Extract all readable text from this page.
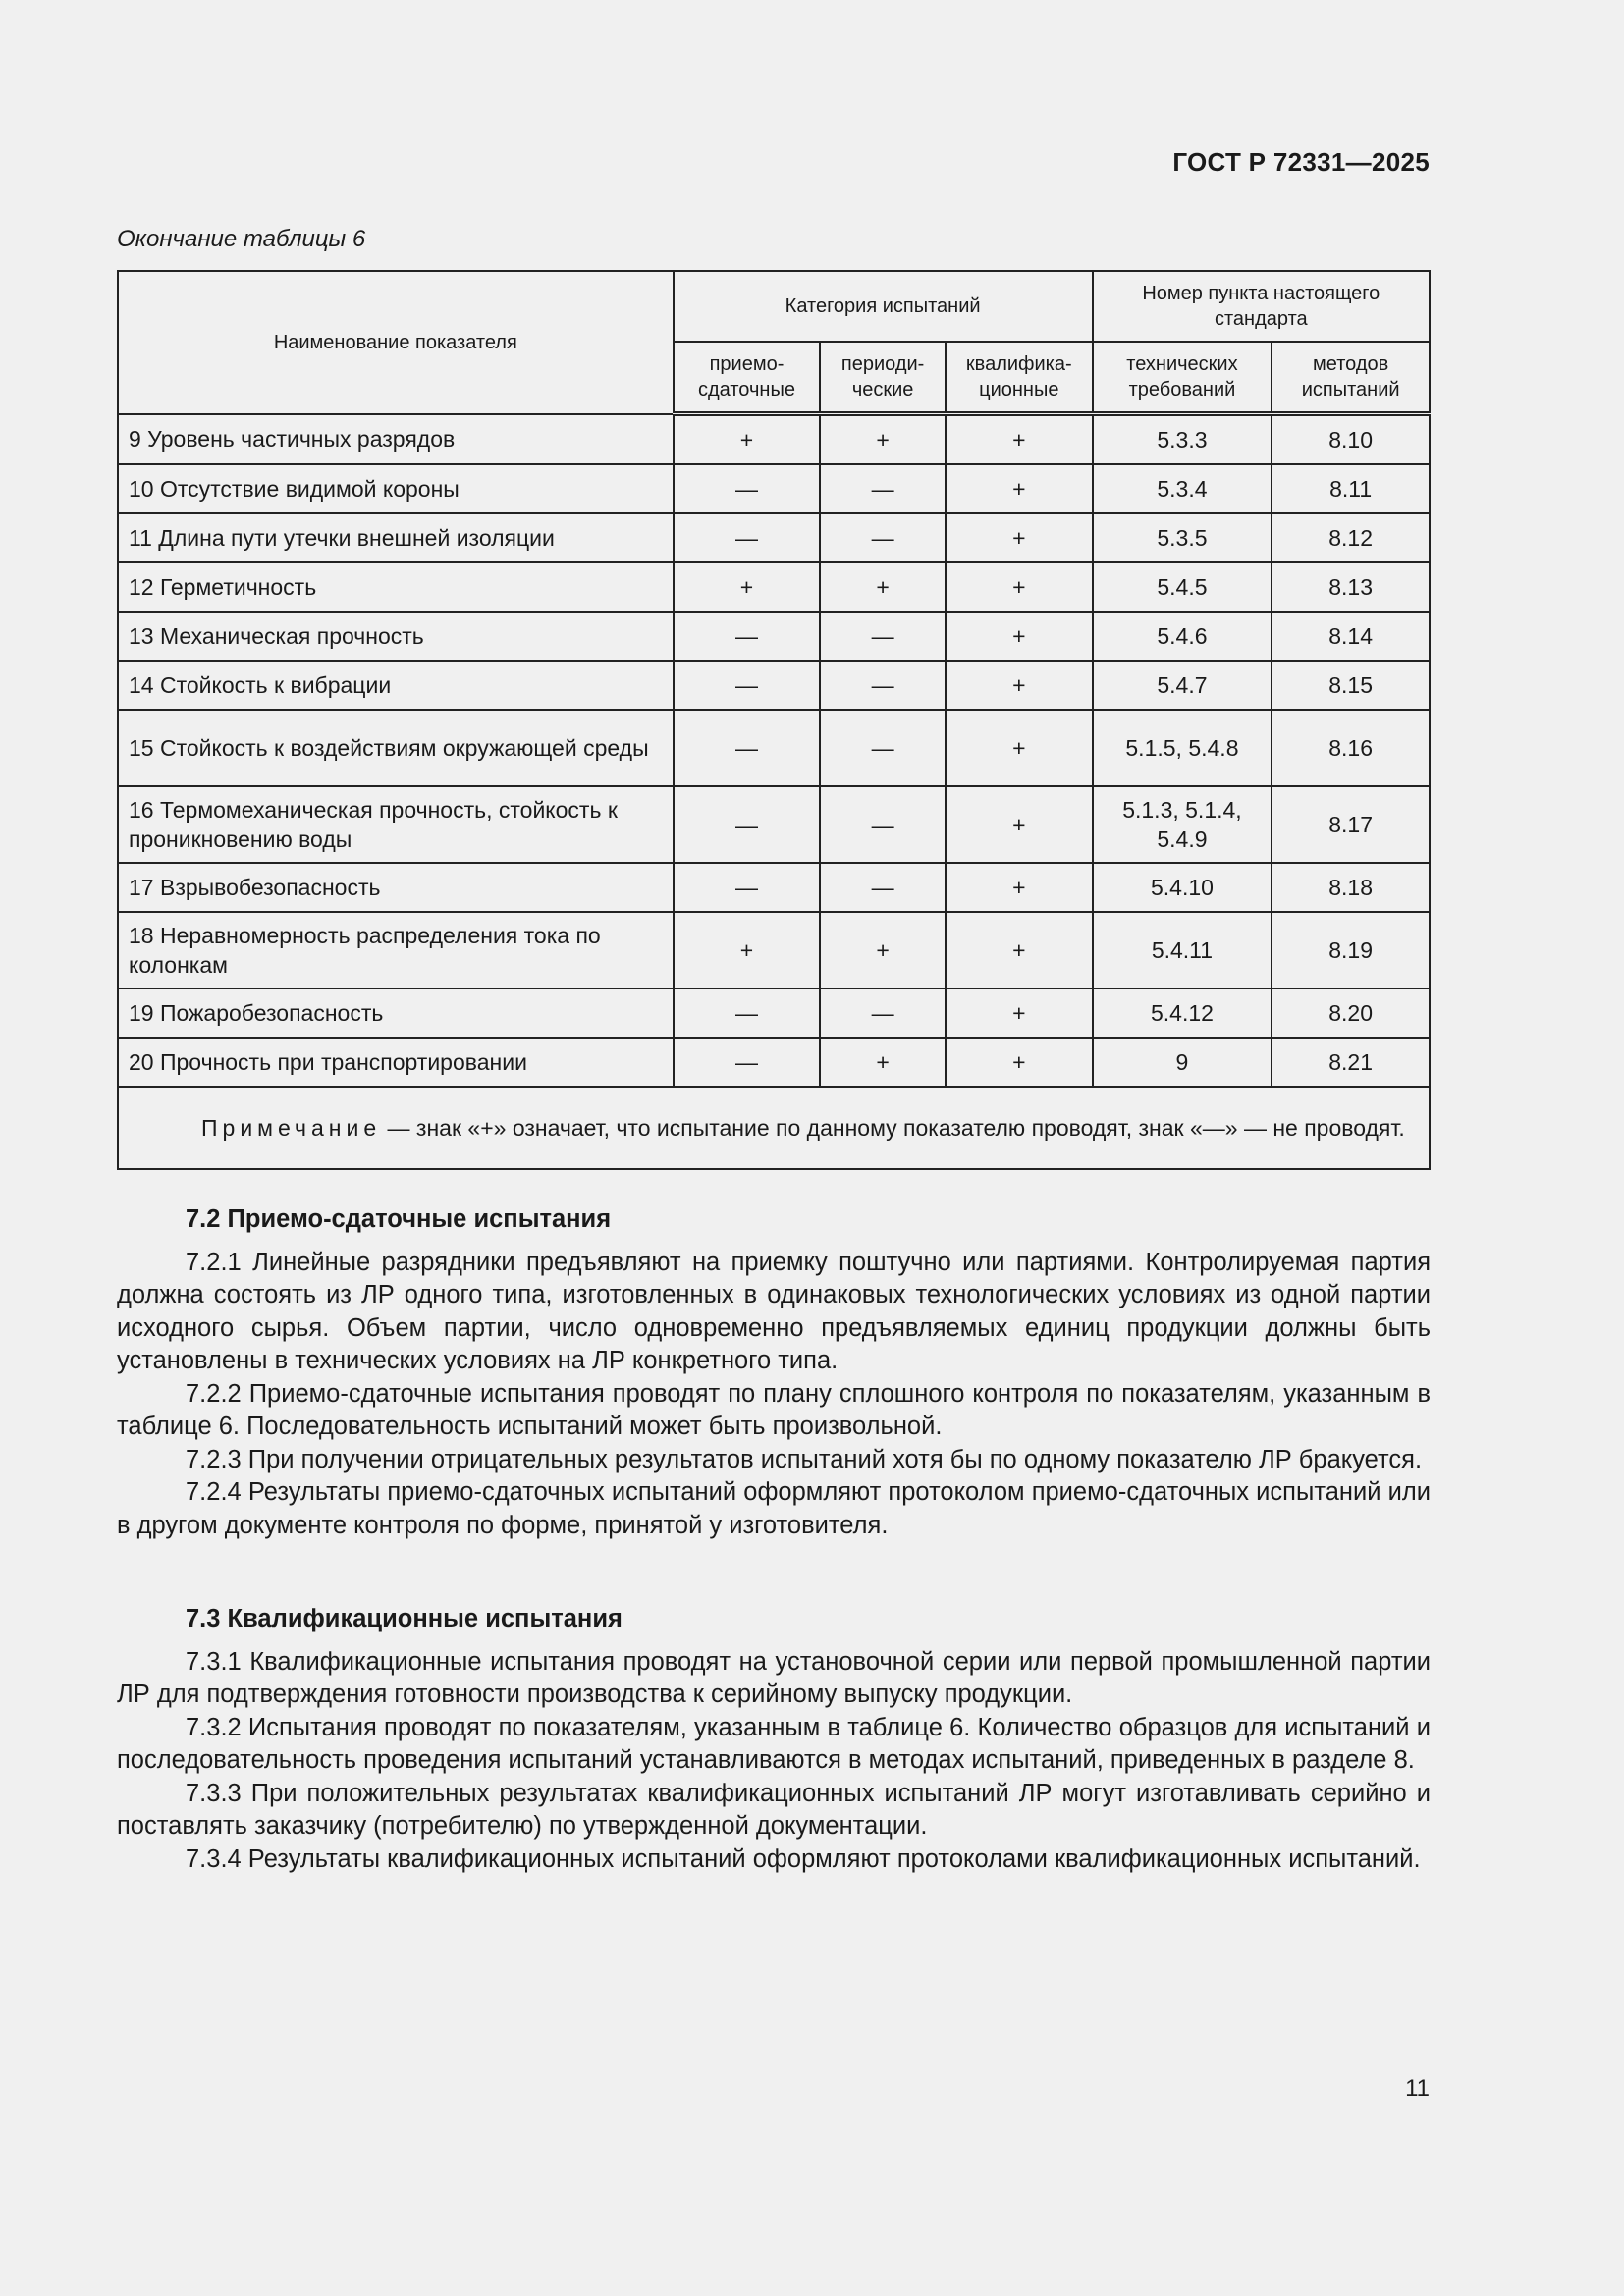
ГОСТ Р 72331—2025
Окончание таблицы 6
Наименование показателя	Категория испытаний			Номер пункта настоящего стандарта	
	приемо-сдаточные	периоди-ческие	квалифика-ционные	технических требований	методов испытаний
9 Уровень частичных разрядов	+	+	+	5.3.3	8.10
10 Отсутствие видимой короны	—	—	+	5.3.4	8.11
11 Длина пути утечки внешней изоляции	—	—	+	5.3.5	8.12
12 Герметичность	+	+	+	5.4.5	8.13
13 Механическая прочность	—	—	+	5.4.6	8.14
14 Стойкость к вибрации	—	—	+	5.4.7	8.15
15 Стойкость к воздействиям окружающей среды	—	—	+	5.1.5, 5.4.8	8.16
16 Термомеханическая прочность, стойкость к проникновению воды	—	—	+	5.1.3, 5.1.4, 5.4.9	8.17
17 Взрывобезопасность	—	—	+	5.4.10	8.18
18 Неравномерность распределения тока по колонкам	+	+	+	5.4.11	8.19
19 Пожаробезопасность	—	—	+	5.4.12	8.20
20 Прочность при транспортировании	—	+	+	9	8.21
Примечание — знак «+» означает, что испытание по данному показателю проводят, знак «—» — не проводят.					
7.2 Приемо-сдаточные испытания

7.2.1 Линейные разрядники предъявляют на приемку поштучно или партиями. Контролируемая партия должна состоять из ЛР одного типа, изготовленных в одинаковых технологических условиях из одной партии исходного сырья. Объем партии, число одновременно предъявляемых единиц продукции должны быть установлены в технических условиях на ЛР конкретного типа.

7.2.2 Приемо-сдаточные испытания проводят по плану сплошного контроля по показателям, указанным в таблице 6. Последовательность испытаний может быть произвольной.

7.2.3 При получении отрицательных результатов испытаний хотя бы по одному показателю ЛР бракуется.

7.2.4 Результаты приемо-сдаточных испытаний оформляют протоколом приемо-сдаточных испытаний или в другом документе контроля по форме, принятой у изготовителя.

7.3 Квалификационные испытания

7.3.1 Квалификационные испытания проводят на установочной серии или первой промышленной партии ЛР для подтверждения готовности производства к серийному выпуску продукции.

7.3.2 Испытания проводят по показателям, указанным в таблице 6. Количество образцов для испытаний и последовательность проведения испытаний устанавливаются в методах испытаний, приведенных в разделе 8.

7.3.3 При положительных результатах квалификационных испытаний ЛР могут изготавливать серийно и поставлять заказчику (потребителю) по утвержденной документации.

7.3.4 Результаты квалификационных испытаний оформляют протоколами квалификационных испытаний.

11
